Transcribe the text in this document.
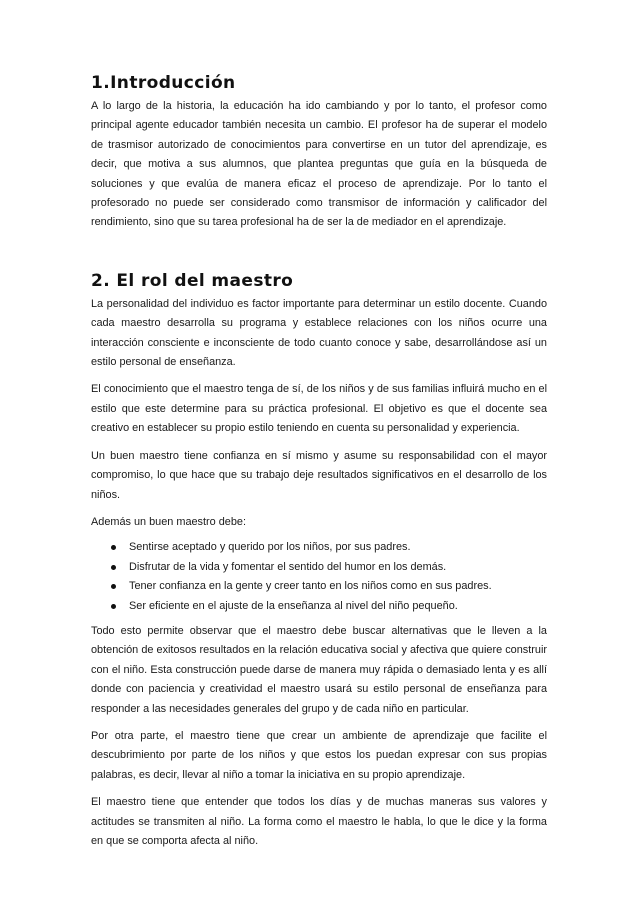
1.Introducción

A lo largo de la historia, la educación ha ido cambiando y por lo tanto, el profesor como principal agente educador también necesita un cambio. El profesor ha de superar el modelo de trasmisor autorizado de conocimientos para convertirse en un tutor del aprendizaje, es decir, que motiva a sus alumnos, que plantea preguntas que guía en la búsqueda de soluciones y que evalúa de manera eficaz el proceso de aprendizaje. Por lo tanto el profesorado no puede ser considerado como transmisor de información y calificador del rendimiento, sino que su tarea profesional ha de ser la de mediador en el aprendizaje.

2. El rol del maestro

La personalidad del individuo es factor importante para determinar un estilo docente. Cuando cada maestro desarrolla su programa y establece relaciones con los niños ocurre una interacción consciente e inconsciente de todo cuanto conoce y sabe, desarrollándose así un estilo personal de enseñanza.

El conocimiento que el maestro tenga de sí, de los niños y de sus familias influirá mucho en el estilo que este determine para su práctica profesional. El objetivo es que el docente sea creativo en establecer su propio estilo teniendo en cuenta su personalidad y experiencia.

Un buen maestro tiene confianza en sí mismo y asume su responsabilidad con el mayor compromiso, lo que hace que su trabajo deje resultados significativos en el desarrollo de los niños.

Además un buen maestro debe:

Sentirse aceptado y querido por los niños, por sus padres.
Disfrutar de la vida y fomentar el sentido del humor en los demás.
Tener confianza en la gente y creer tanto en los niños como en sus padres.
Ser eficiente en el ajuste de la enseñanza al nivel del niño pequeño.

Todo esto permite observar que el maestro debe buscar alternativas que le lleven a la obtención de exitosos resultados en la relación educativa social y afectiva que quiere construir con el niño. Esta construcción puede darse de manera muy rápida o demasiado lenta y es allí donde con paciencia y creatividad el maestro usará su estilo personal de enseñanza para responder a las necesidades generales del grupo y de cada niño en particular.

Por otra parte, el maestro tiene que crear un ambiente de aprendizaje que facilite el descubrimiento por parte de los niños y que estos los puedan expresar con sus propias palabras, es decir, llevar al niño a tomar la iniciativa en su propio aprendizaje.

El maestro tiene que entender que todos los días y de muchas maneras sus valores y actitudes se transmiten al niño. La forma como el maestro le habla, lo que le dice y la forma en que se comporta afecta al niño.
